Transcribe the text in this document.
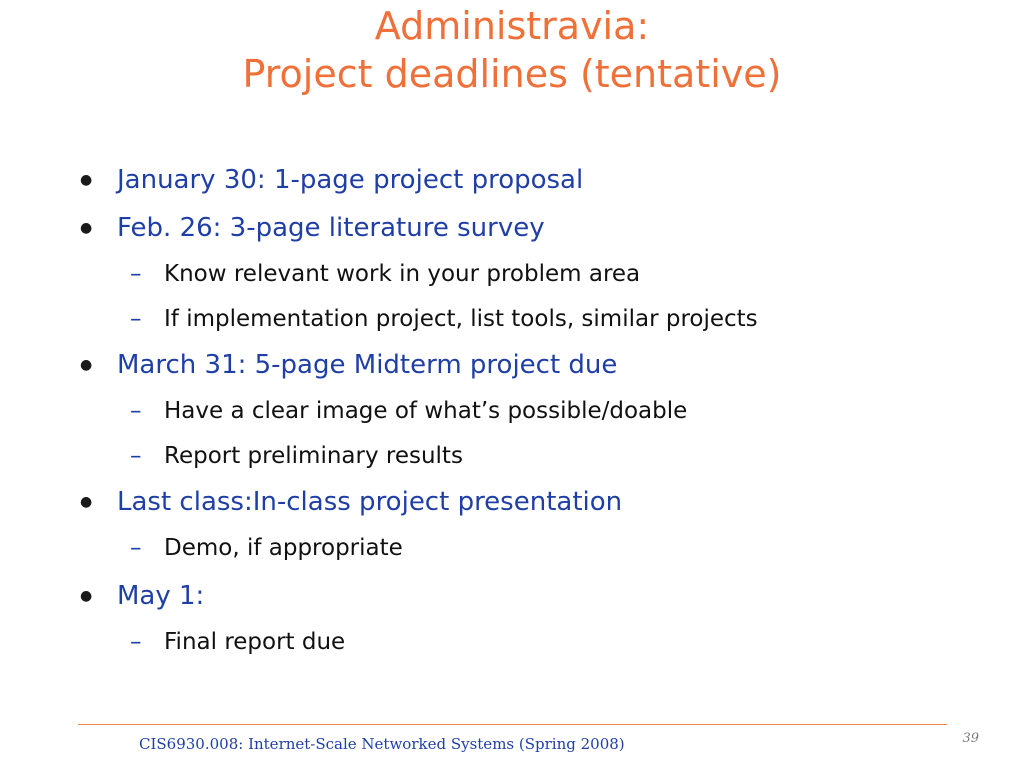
Administravia:
Project deadlines (tentative)
● January 30: 1-page project proposal
● Feb. 26: 3-page literature survey
– Know relevant work in your problem area
– If implementation project, list tools, similar projects
● March 31: 5-page Midterm project due
– Have a clear image of what’s possible/doable
– Report preliminary results
● Last class:In-class project presentation
– Demo, if appropriate
● May 1:
– Final report due
CIS6930.008: Internet-Scale Networked Systems (Spring 2008)	39
